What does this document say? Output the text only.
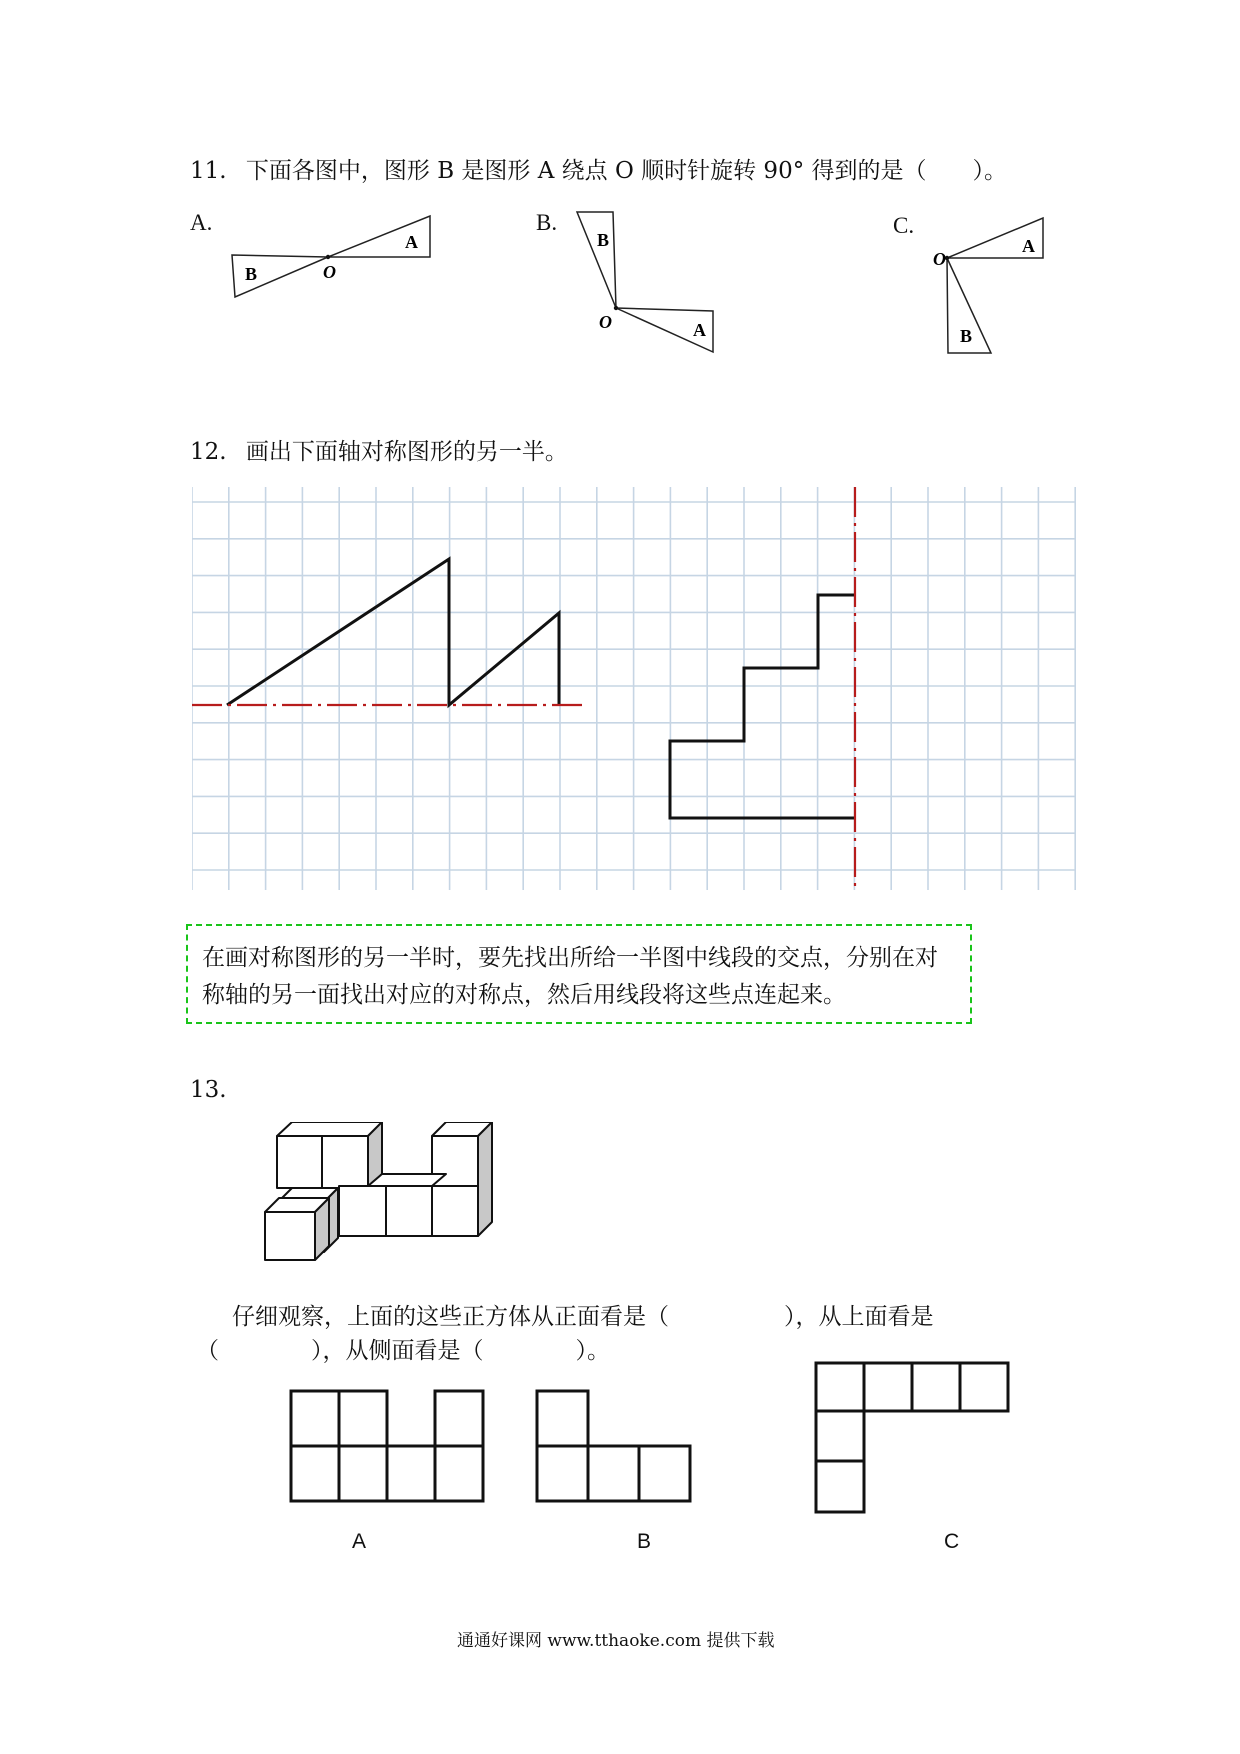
11. 下面各图中，图形 B 是图形 A 绕点 O 顺时针旋转 90° 得到的是（　　）。
A.
A
B	O
B.
B
A
O
C.
A
B
O
12. 画出下面轴对称图形的另一半。
在画对称图形的另一半时，要先找出所给一半图中线段的交点，分别在对称轴的另一面找出对应的对称点，然后用线段将这些点连起来。
13.
仔细观察，上面的这些正方体从正面看是（　　　　　），从上面看是
（　　　　），从侧面看是（　　　　）。
A	B	C
通通好课网 www.tthaoke.com 提供下载
